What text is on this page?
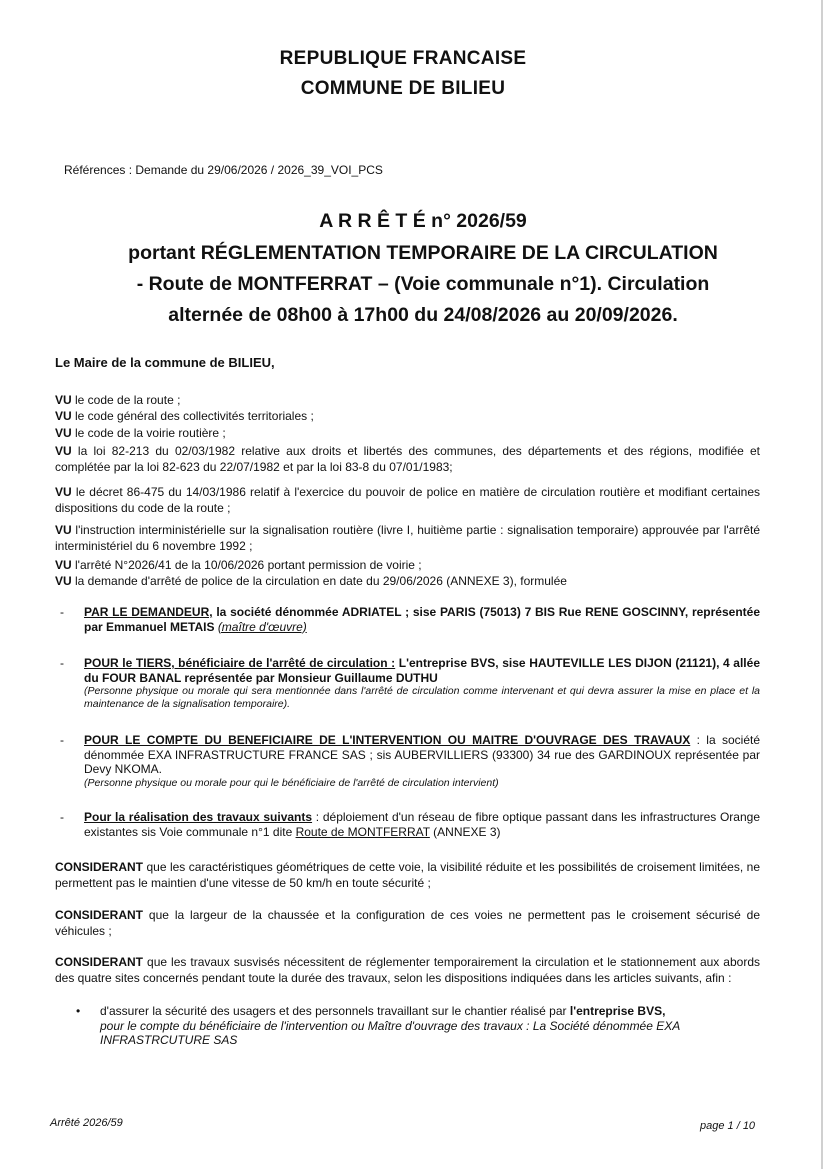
REPUBLIQUE FRANCAISE
COMMUNE DE BILIEU
Références : Demande du 29/06/2026 / 2026_39_VOI_PCS
A R R Ê T É n° 2026/59
portant RÉGLEMENTATION TEMPORAIRE DE LA CIRCULATION
- Route de MONTFERRAT – (Voie communale n°1). Circulation
alternée de 08h00 à 17h00 du 24/08/2026 au 20/09/2026.
Le Maire de la commune de BILIEU,
VU le code de la route ;
VU le code général des collectivités territoriales ;
VU le code de la voirie routière ;
VU la loi 82-213 du 02/03/1982 relative aux droits et libertés des communes, des départements et des régions, modifiée et complétée par la loi 82-623 du 22/07/1982 et par la loi 83-8 du 07/01/1983;
VU le décret 86-475 du 14/03/1986 relatif à l'exercice du pouvoir de police en matière de circulation routière et modifiant certaines dispositions du code de la route ;
VU l'instruction interministérielle sur la signalisation routière (livre I, huitième partie : signalisation temporaire) approuvée par l'arrêté interministériel du 6 novembre 1992 ;
VU l'arrêté N°2026/41 de la 10/06/2026 portant permission de voirie ;
VU la demande d'arrêté de police de la circulation en date du 29/06/2026 (ANNEXE 3), formulée
-	PAR LE DEMANDEUR, la société dénommée ADRIATEL ; sise PARIS (75013) 7 BIS Rue RENE GOSCINNY, représentée par Emmanuel METAIS (maître d'œuvre)
-	POUR le TIERS, bénéficiaire de l'arrêté de circulation : L'entreprise BVS, sise HAUTEVILLE LES DIJON (21121), 4 allée du FOUR BANAL représentée par Monsieur Guillaume DUTHU
(Personne physique ou morale qui sera mentionnée dans l'arrêté de circulation comme intervenant et qui devra assurer la mise en place et la maintenance de la signalisation temporaire).
-	POUR LE COMPTE DU BENEFICIAIRE DE L'INTERVENTION OU MAITRE D'OUVRAGE DES TRAVAUX : la société dénommée EXA INFRASTRUCTURE FRANCE SAS ; sis AUBERVILLIERS (93300) 34 rue des GARDINOUX représentée par Devy NKOMA.
(Personne physique ou morale pour qui le bénéficiaire de l'arrêté de circulation intervient)
-	Pour la réalisation des travaux suivants : déploiement d'un réseau de fibre optique passant dans les infrastructures Orange existantes sis Voie communale n°1 dite Route de MONTFERRAT (ANNEXE 3)
CONSIDERANT que les caractéristiques géométriques de cette voie, la visibilité réduite et les possibilités de croisement limitées, ne permettent pas le maintien d'une vitesse de 50 km/h en toute sécurité ;
CONSIDERANT que la largeur de la chaussée et la configuration de ces voies ne permettent pas le croisement sécurisé de véhicules ;
CONSIDERANT que les travaux susvisés nécessitent de réglementer temporairement la circulation et le stationnement aux abords des quatre sites concernés pendant toute la durée des travaux, selon les dispositions indiquées dans les articles suivants, afin :
• d'assurer la sécurité des usagers et des personnels travaillant sur le chantier réalisé par l'entreprise BVS,
pour le compte du bénéficiaire de l'intervention ou Maître d'ouvrage des travaux : La Société dénommée EXA INFRASTRCUTURE SAS
Arrêté 2026/59	page 1 / 10
